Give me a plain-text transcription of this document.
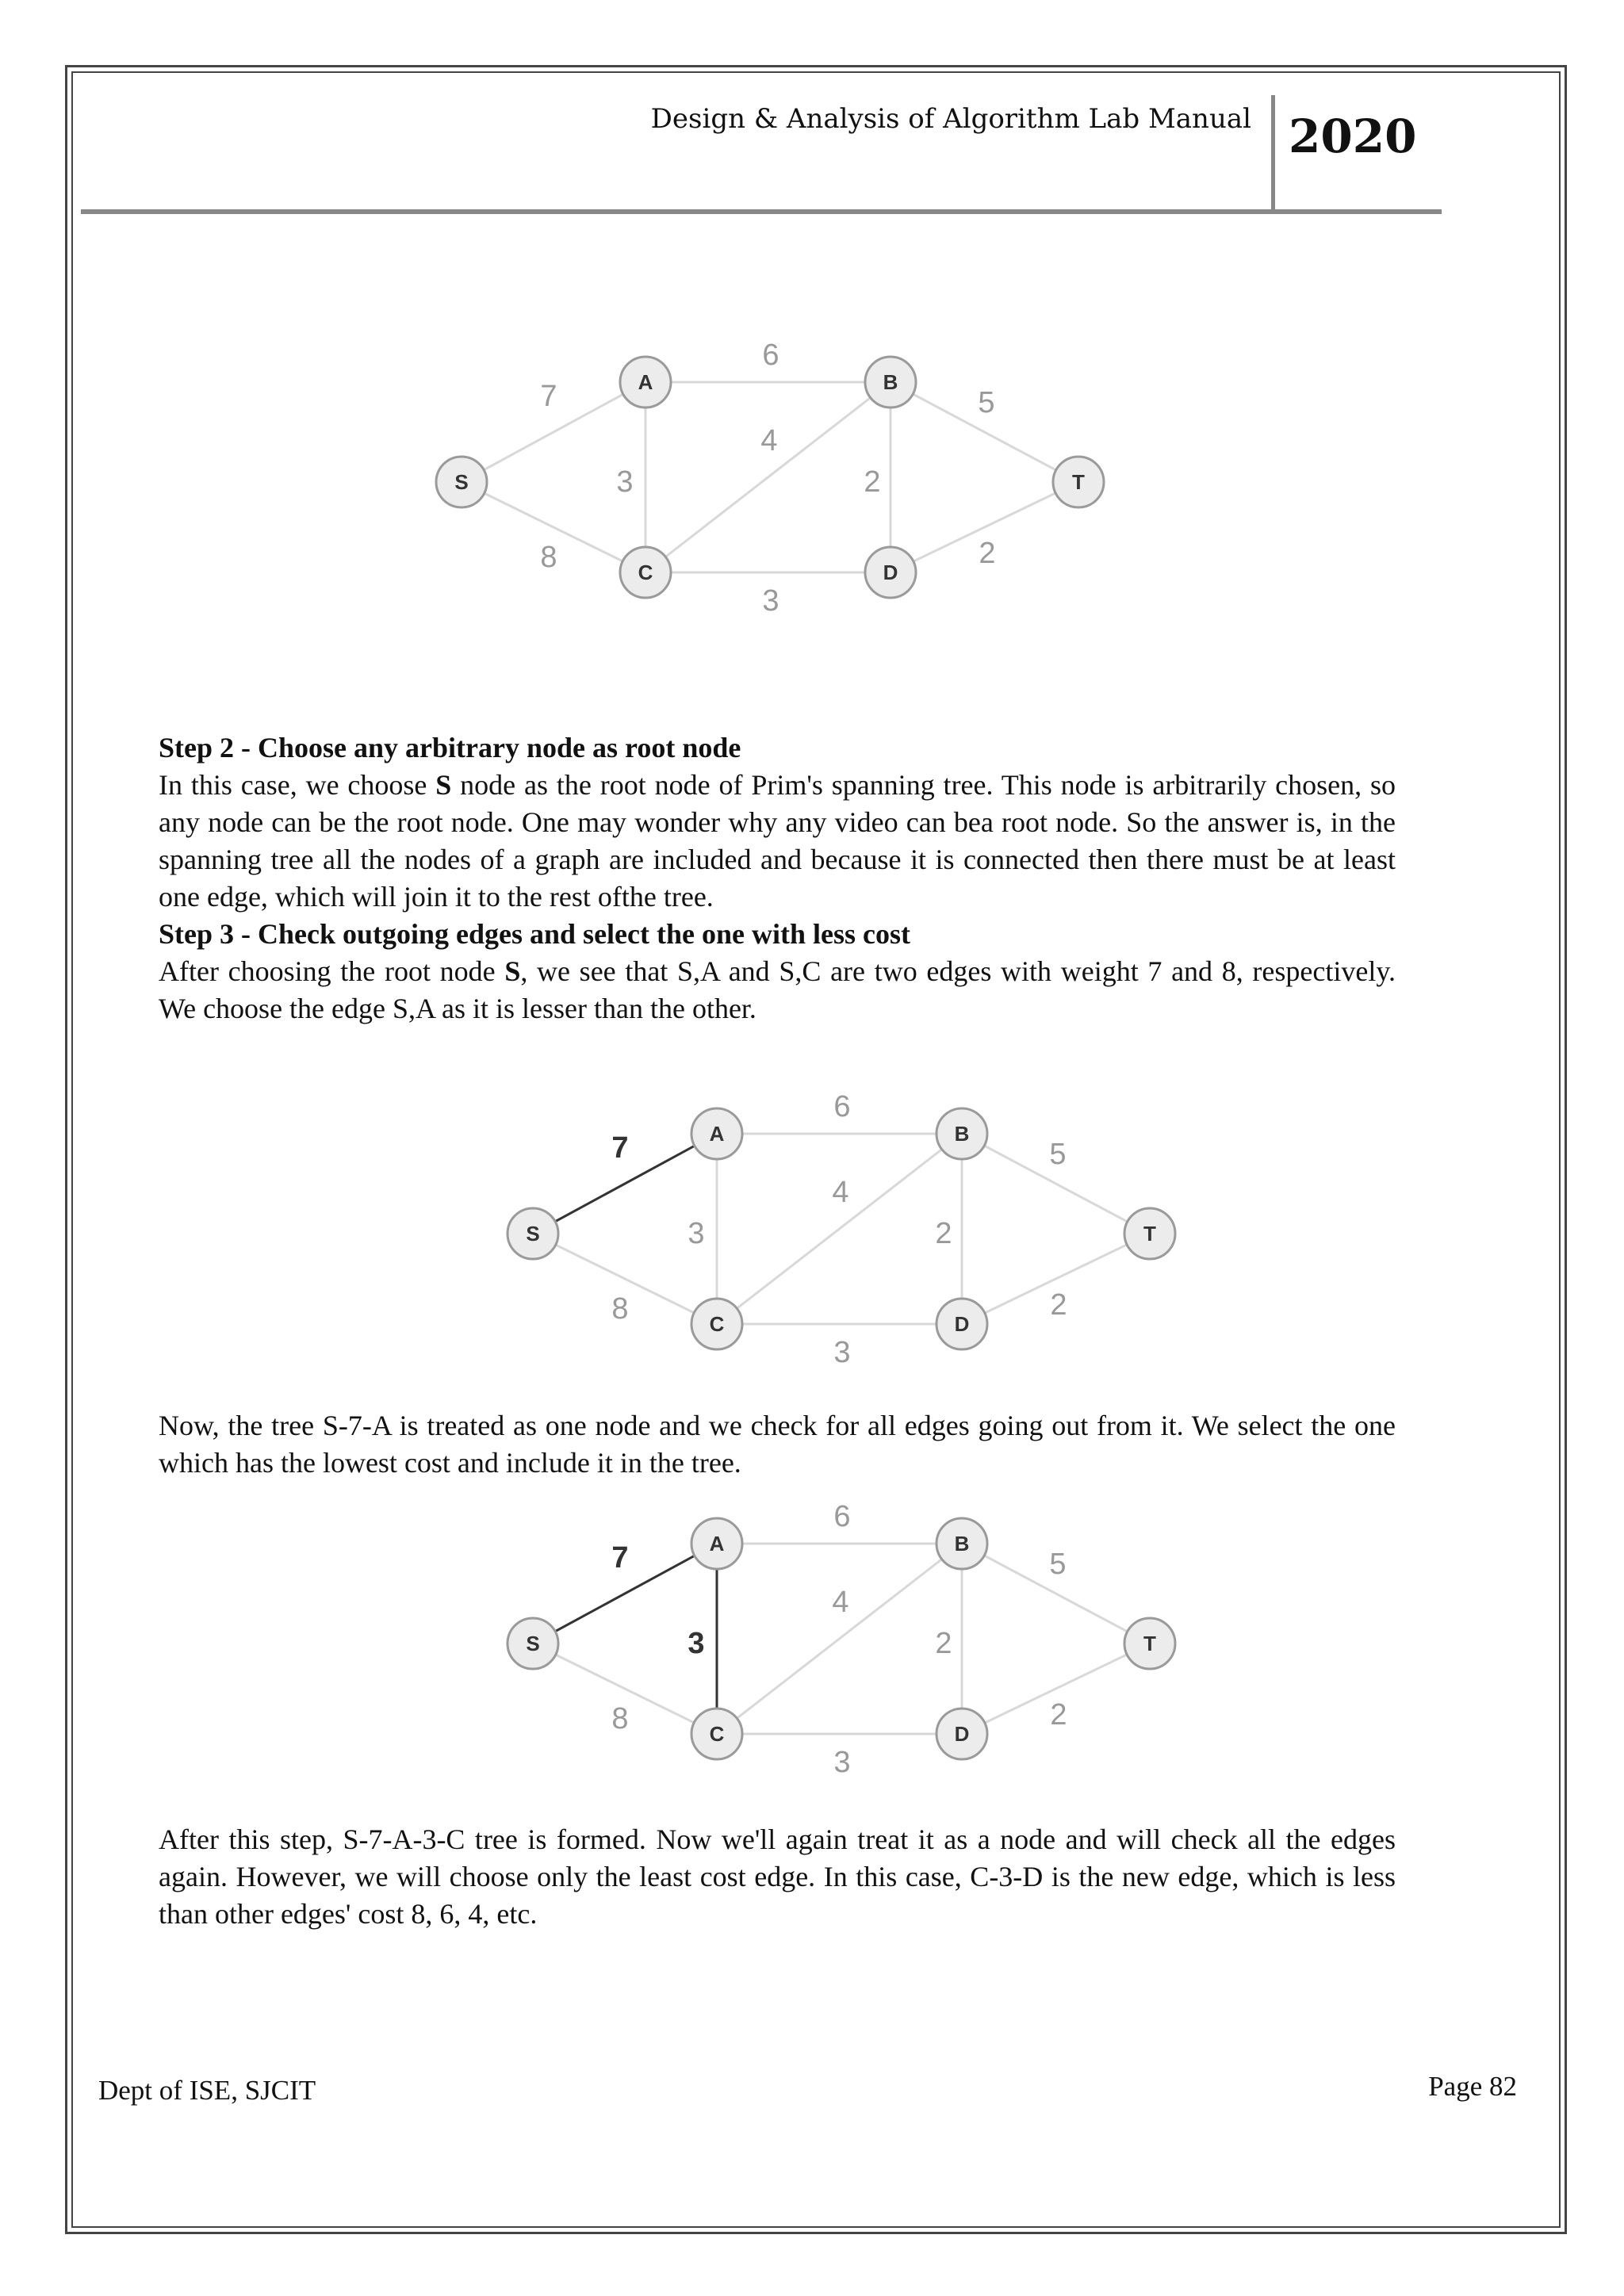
Design & Analysis of Algorithm Lab Manual 2020
7
8
6
3
4
3
2
5
2
S
A	B
C	D
T

Step 2 - Choose any arbitrary node as root node

In this case, we choose S node as the root node of Prim's spanning tree. This node is arbitrarily chosen, so any node can be the root node. One may wonder why any video can bea root node. So the answer is, in the spanning tree all the nodes of a graph are included and because it is connected then there must be at least one edge, which will join it to the rest ofthe tree.

Step 3 - Check outgoing edges and select the one with less cost

After choosing the root node S, we see that S,A and S,C are two edges with weight 7 and 8, respectively. We choose the edge S,A as it is lesser than the other.

7
8
6
3
4
3
2
5
2
S
A	B
C	D
T

Now, the tree S-7-A is treated as one node and we check for all edges going out from it. We select the one which has the lowest cost and include it in the tree.

7
8
6
3
4
3
2
5
2
S
A	B
C	D
T

After this step, S-7-A-3-C tree is formed. Now we'll again treat it as a node and will check all the edges again. However, we will choose only the least cost edge. In this case, C-3-D is the new edge, which is less than other edges' cost 8, 6, 4, etc.

Dept of ISE, SJCIT	Page 82
